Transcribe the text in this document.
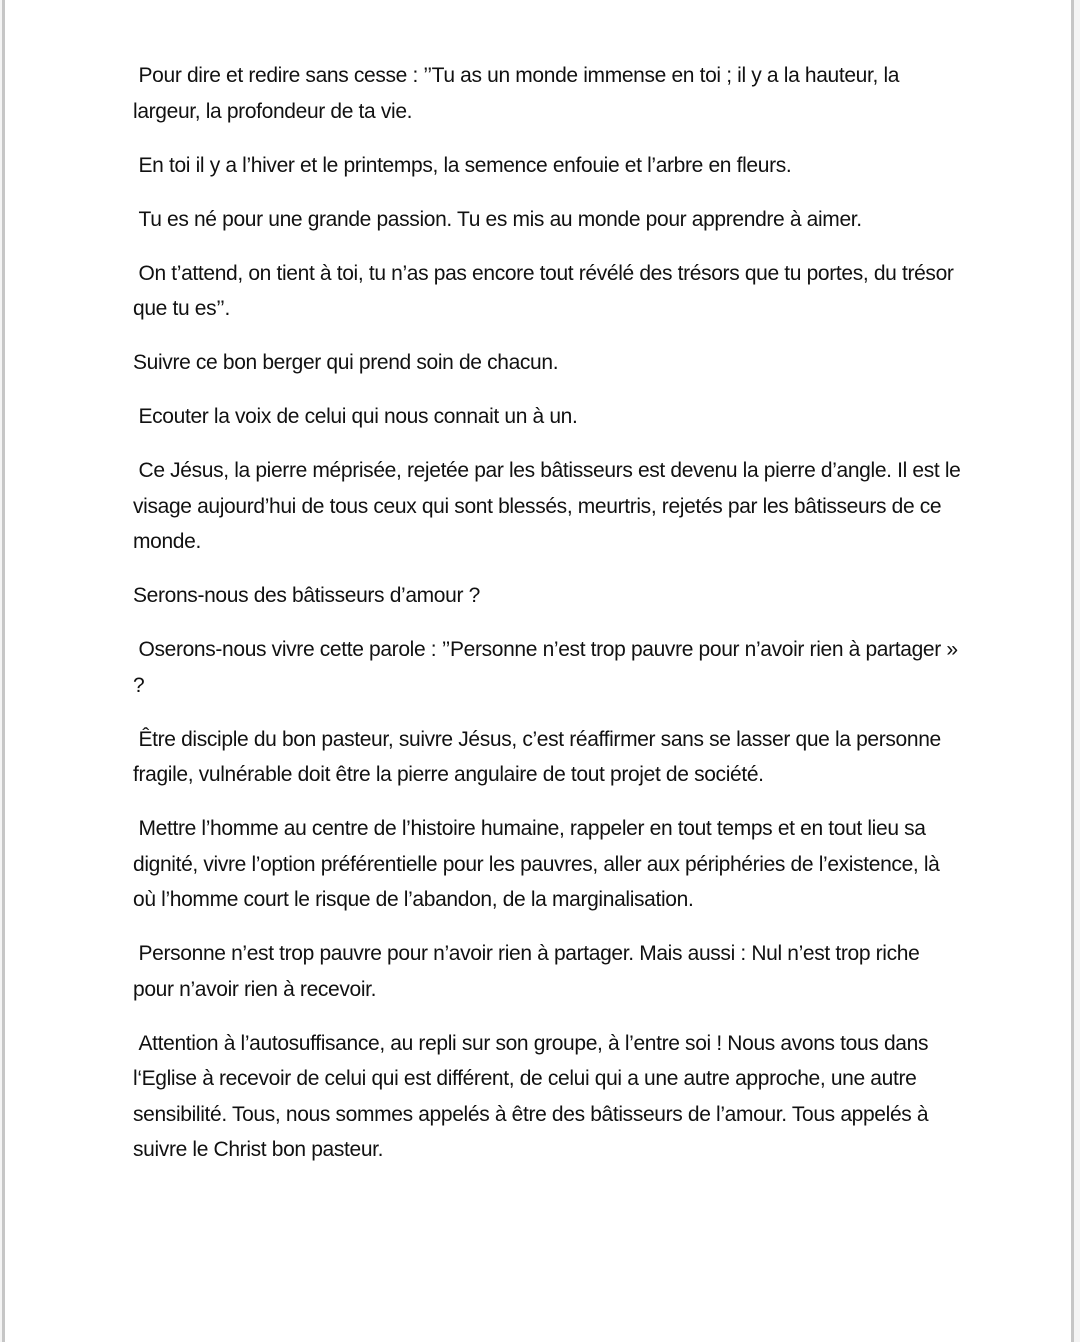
Pour dire et redire sans cesse : ’’Tu as un monde immense en toi ; il y a la hauteur, la largeur, la profondeur de ta vie.

En toi il y a l’hiver et le printemps, la semence enfouie et l’arbre en fleurs.

Tu es né pour une grande passion. Tu es mis au monde pour apprendre à aimer.

On t’attend, on tient à toi, tu n’as pas encore tout révélé des trésors que tu portes, du trésor que tu es’’.

Suivre ce bon berger qui prend soin de chacun.

Ecouter la voix de celui qui nous connait un à un.

Ce Jésus, la pierre méprisée, rejetée par les bâtisseurs est devenu la pierre d’angle. Il est le visage aujourd’hui de tous ceux qui sont blessés, meurtris, rejetés par les bâtisseurs de ce monde.

Serons-nous des bâtisseurs d’amour ?

Oserons-nous vivre cette parole : ’’Personne n’est trop pauvre pour n’avoir rien à partager » ?

Être disciple du bon pasteur, suivre Jésus, c’est réaffirmer sans se lasser que la personne fragile, vulnérable doit être la pierre angulaire de tout projet de société.

Mettre l’homme au centre de l’histoire humaine, rappeler en tout temps et en tout lieu sa dignité, vivre l’option préférentielle pour les pauvres, aller aux périphéries de l’existence, là où l’homme court le risque de l’abandon, de la marginalisation.

Personne n’est trop pauvre pour n’avoir rien à partager. Mais aussi : Nul n’est trop riche pour n’avoir rien à recevoir.

Attention à l’autosuffisance, au repli sur son groupe, à l’entre soi ! Nous avons tous dans l‘Eglise à recevoir de celui qui est différent, de celui qui a une autre approche, une autre sensibilité. Tous, nous sommes appelés à être des bâtisseurs de l’amour. Tous appelés à suivre le Christ bon pasteur.
